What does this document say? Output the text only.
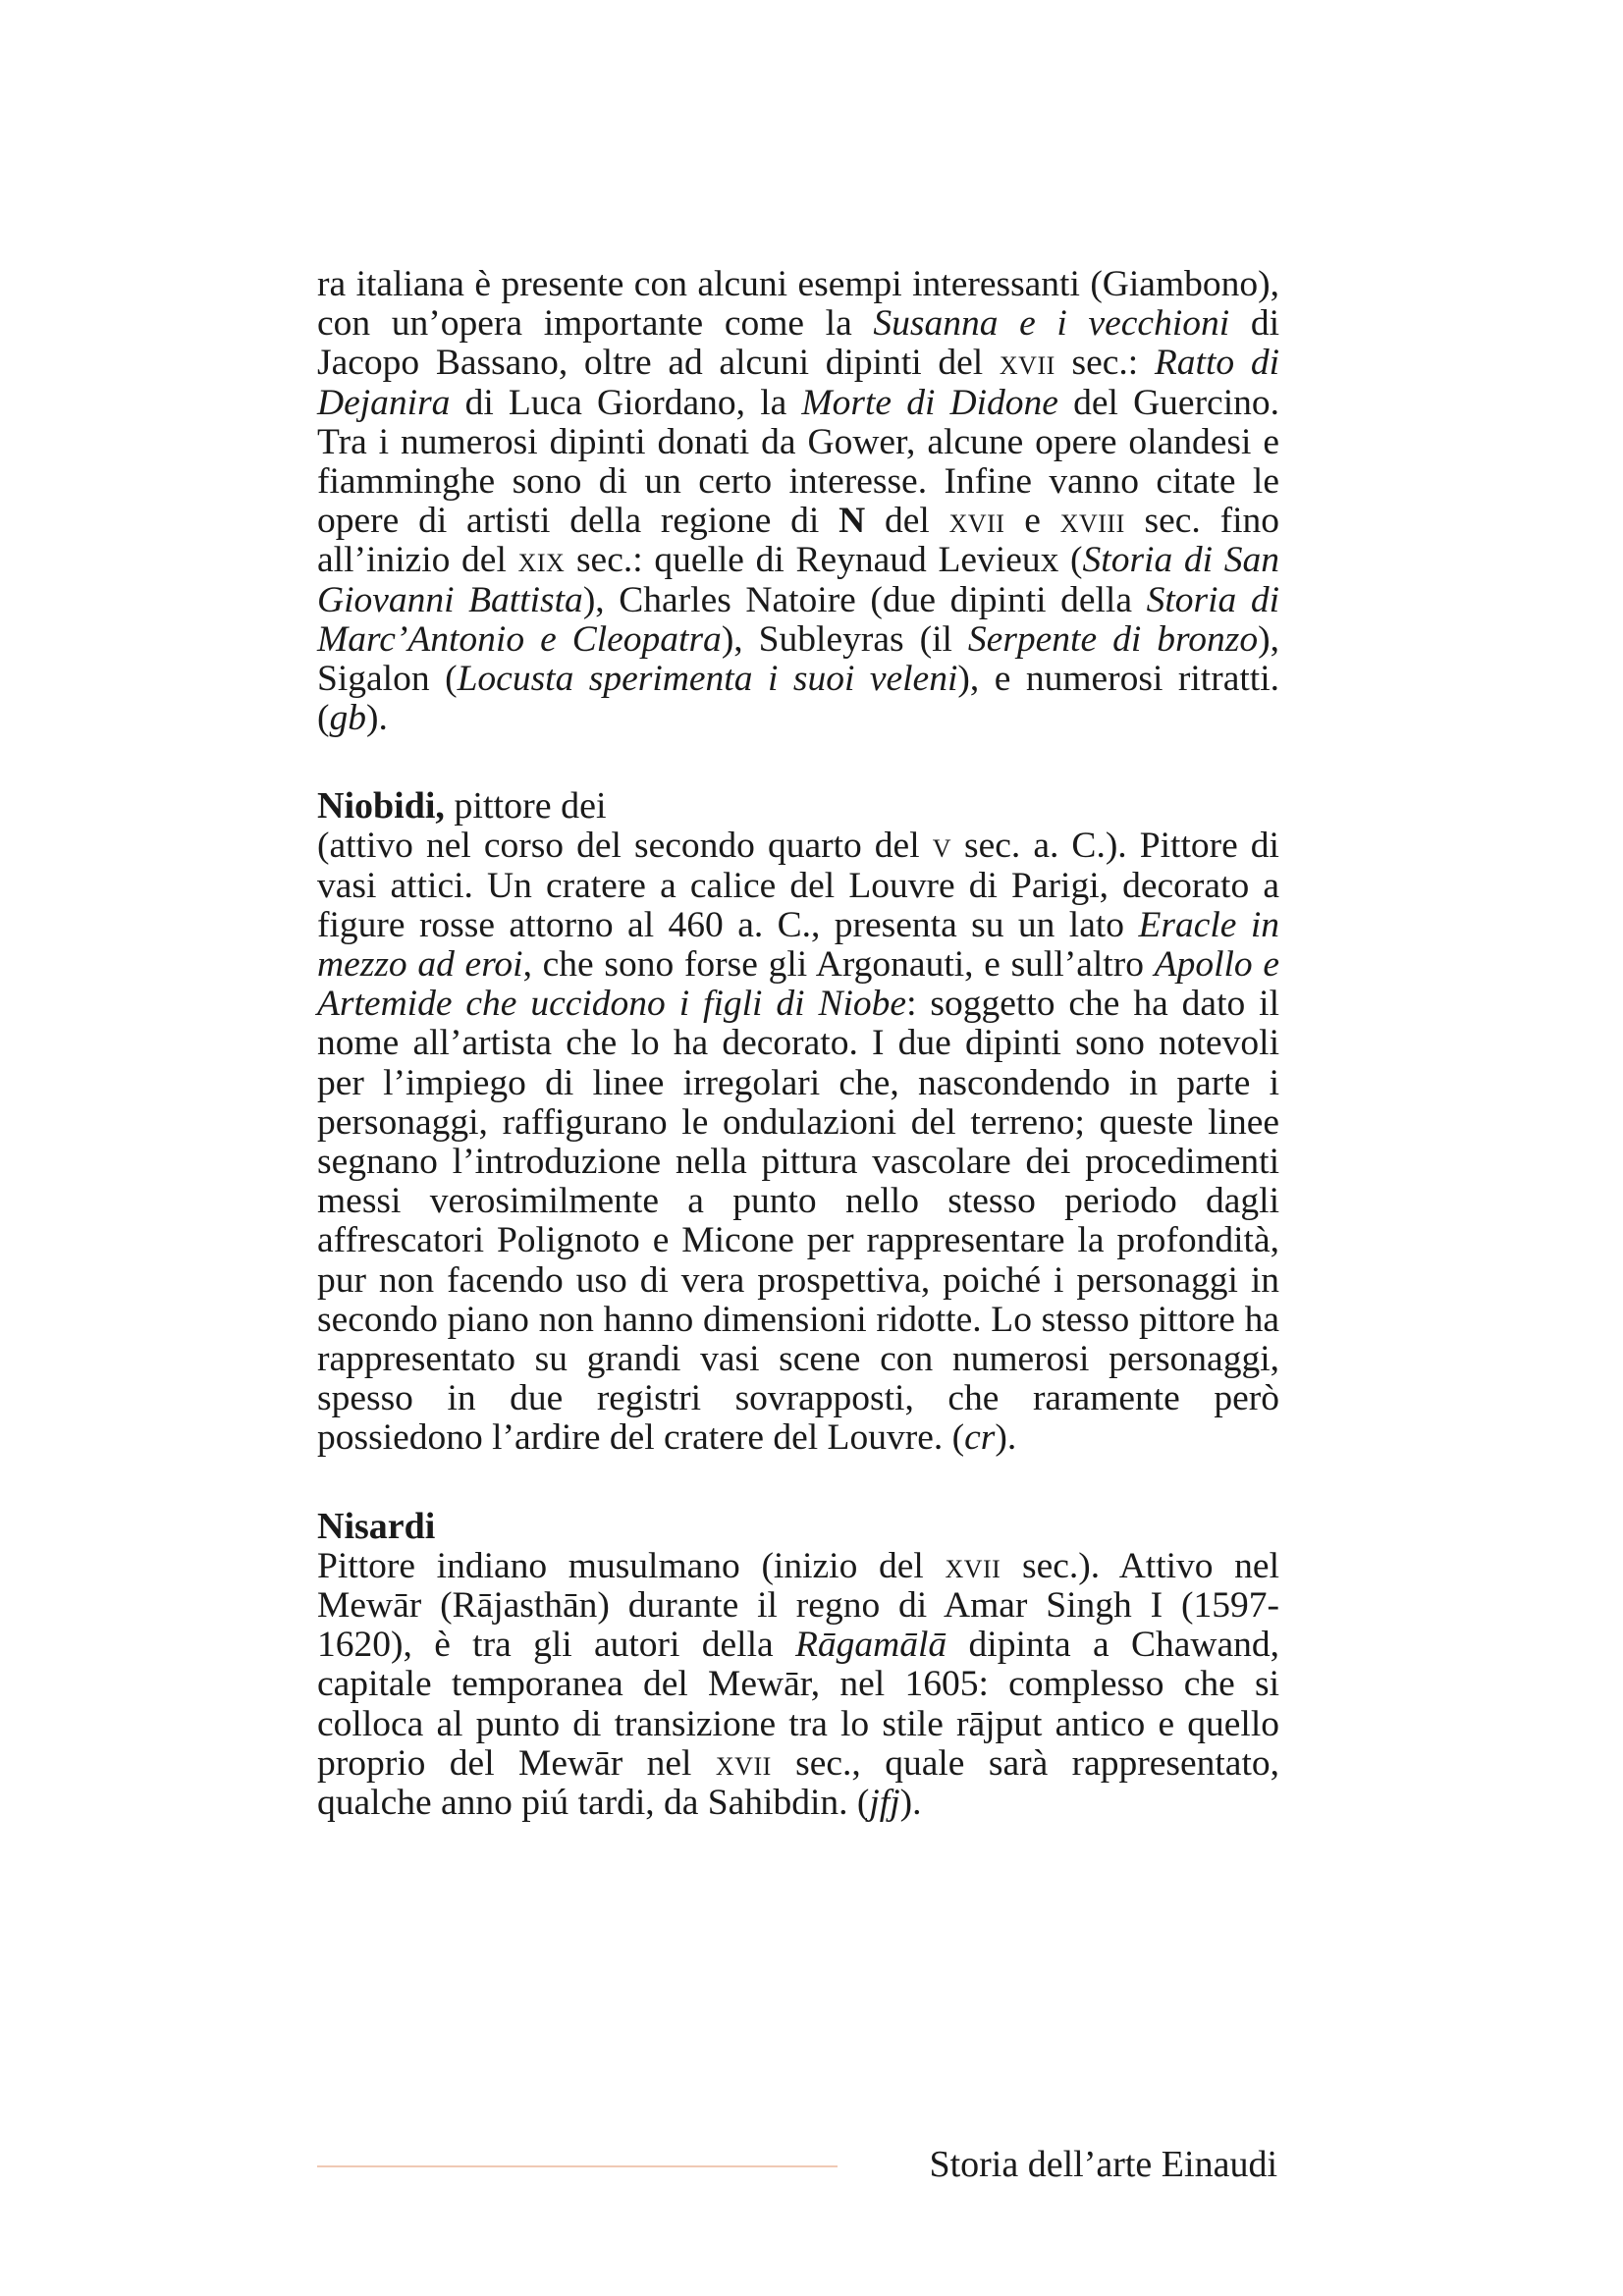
ra italiana è presente con alcuni esempi interessanti (Giambono), con un’opera importante come la Susanna e i vecchioni di Jacopo Bassano, oltre ad alcuni dipinti del xvii sec.: Ratto di Dejanira di Luca Giordano, la Morte di Didone del Guercino. Tra i numerosi dipinti donati da Gower, alcune opere olandesi e fiamminghe sono di un certo interesse. Infine vanno citate le opere di artisti della regione di N del xvii e xviii sec. fino all’inizio del xix sec.: quelle di Reynaud Levieux (Storia di San Giovanni Battista), Charles Natoire (due dipinti della Storia di Marc’Antonio e Cleopatra), Subleyras (il Serpente di bronzo), Sigalon (Locusta sperimenta i suoi veleni), e numerosi ritratti. (gb).

Niobidi, pittore dei

(attivo nel corso del secondo quarto del v sec. a. C.). Pittore di vasi attici. Un cratere a calice del Louvre di Parigi, decorato a figure rosse attorno al 460 a. C., presenta su un lato Eracle in mezzo ad eroi, che sono forse gli Argonauti, e sull’altro Apollo e Artemide che uccidono i figli di Niobe: soggetto che ha dato il nome all’artista che lo ha decorato. I due dipinti sono notevoli per l’impiego di linee irregolari che, nascondendo in parte i personaggi, raffigurano le ondulazioni del terreno; queste linee segnano l’introduzione nella pittura vascolare dei procedimenti messi verosimilmente a punto nello stesso periodo dagli affrescatori Polignoto e Micone per rappresentare la profondità, pur non facendo uso di vera prospettiva, poiché i personaggi in secondo piano non hanno dimensioni ridotte. Lo stesso pittore ha rappresentato su grandi vasi scene con numerosi personaggi, spesso in due registri sovrapposti, che raramente però possiedono l’ardire del cratere del Louvre. (cr).

Nisardi

Pittore indiano musulmano (inizio del xvii sec.). Attivo nel Mewār (Rājasthān) durante il regno di Amar Singh I (1597-1620), è tra gli autori della Rāgamālā dipinta a Chawand, capitale temporanea del Mewār, nel 1605: complesso che si colloca al punto di transizione tra lo stile rājput antico e quello proprio del Mewār nel xvii sec., quale sarà rappresentato, qualche anno piú tardi, da Sahibdin. (jfj).

Storia dell’arte Einaudi
